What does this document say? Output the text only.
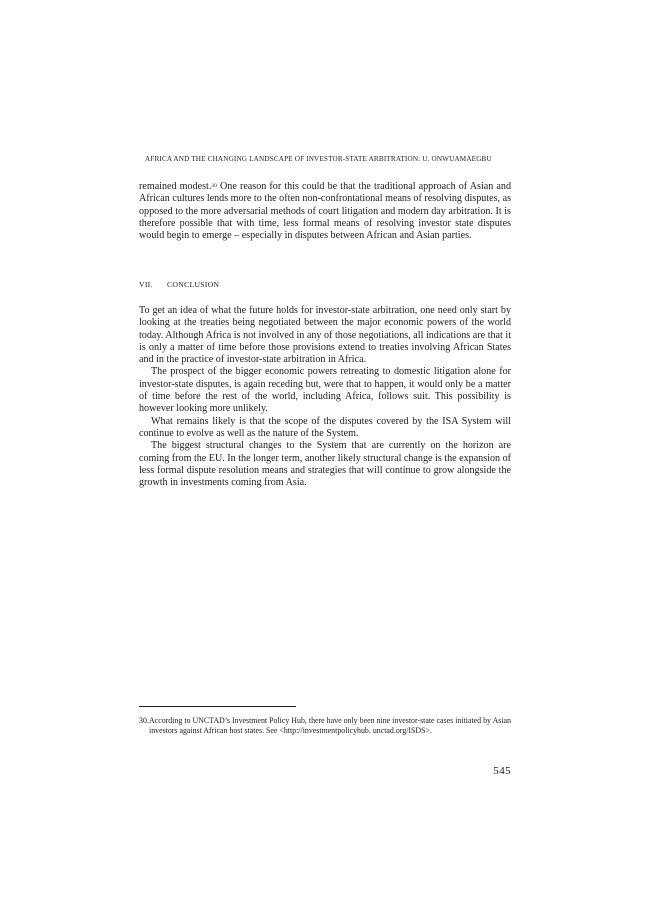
AFRICA AND THE CHANGING LANDSCAPE OF INVESTOR-STATE ARBITRATION: U. ONWUAMAEGBU

remained modest.$^{30}$ One reason for this could be that the traditional approach of Asian and African cultures lends more to the often non-confrontational means of resolving disputes, as opposed to the more adversarial methods of court litigation and modern day arbitration. It is therefore possible that with time, less formal means of resolving investor state disputes would begin to emerge – especially in disputes between African and Asian parties.

VII. CONCLUSION

To get an idea of what the future holds for investor-state arbitration, one need only start by looking at the treaties being negotiated between the major economic powers of the world today. Although Africa is not involved in any of those negotiations, all indications are that it is only a matter of time before those provisions extend to treaties involving African States and in the practice of investor-state arbitration in Africa.

The prospect of the bigger economic powers retreating to domestic litigation alone for investor-state disputes, is again receding but, were that to happen, it would only be a matter of time before the rest of the world, including Africa, follows suit. This possibility is however looking more unlikely.

What remains likely is that the scope of the disputes covered by the ISA System will continue to evolve as well as the nature of the System.

The biggest structural changes to the System that are currently on the horizon are coming from the EU. In the longer term, another likely structural change is the expansion of less formal dispute resolution means and strategies that will continue to grow alongside the growth in investments coming from Asia.

30. According to UNCTAD’s Investment Policy Hub, there have only been nine investor-state cases initiated by Asian investors against African host states. See <http://investmentpolicyhub. unctad.org/ISDS>.
545
